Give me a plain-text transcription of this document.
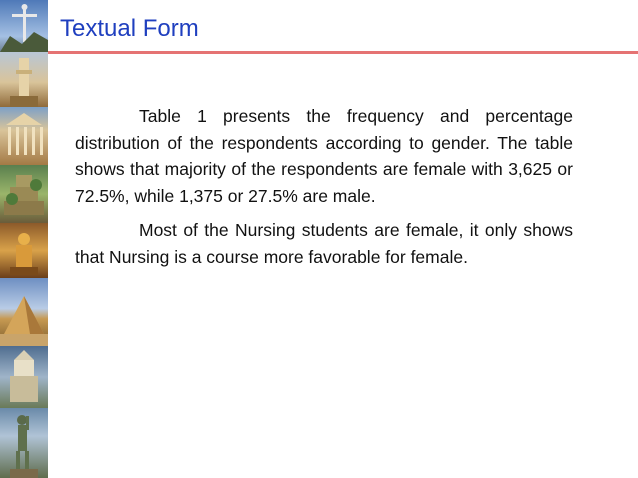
Textual Form

Table 1 presents the frequency and percentage distribution of the respondents according to gender. The table shows that majority of the respondents are female with 3,625 or 72.5%, while 1,375 or 27.5% are male.

Most of the Nursing students are female, it only shows that Nursing is a course more favorable for female.
